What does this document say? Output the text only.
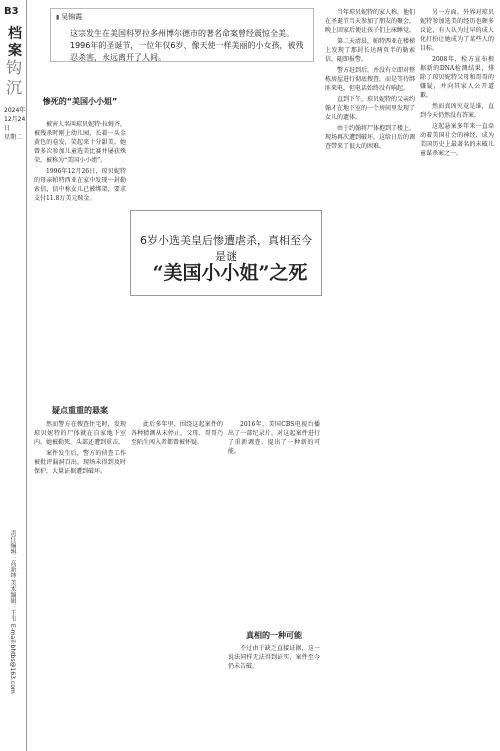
B3
档案
钩沉
2024年
12月24日
星期二
责任编辑：高新坤 美术编辑：王韦 E-mail:bhtbs@163.com
▮ 吴锦霞
这宗发生在美国科罗拉多州博尔德市的著名命案曾经震惊全美。1996年的圣诞节，一位年仅6岁、像天使一样美丽的小女孩，被残忍杀害，永远离开了人间。
惨死的“美国小小姐”

被害人名叫琼贝妮特·拉姆齐，被残杀时刚上幼儿园，长着一头金黄色的卷发，笑起来十分甜美。她曾多次参加儿童选美比赛并屡获殊荣，被称为“美国小小姐”。

1996年12月26日，琼贝妮特的母亲帕特西亚在家中发现一封勒索信，信中称女儿已被绑架，要求支付11.8万美元赎金。

6岁小选美皇后惨遭虐杀，真相至今是谜
“美国小小姐”之死
疑点重重的悬案

然而警方在搜查住宅时，发现琼贝妮特的尸体就在自家地下室内，她被勒死，头部还遭到重击。

案件发生后，警方的侦查工作被批评漏洞百出，现场未得到及时保护，大量证据遭到破坏。

此后多年里，围绕这起案件的各种猜测从未停止，父母、哥哥乃至陌生闯入者都曾被怀疑。

2016年，美国CBS电视台播出了一部纪录片，对这起案件进行了重新调查，提出了一种新的可能。

真相的一种可能

不过由于缺乏直接证据，这一说法同样无法得到证实，案件至今仍未告破。

当年琼贝妮特的家人称，他们在圣诞节当天参加了朋友的聚会，晚上回家后便让孩子们上床睡觉。

第二天清晨，帕特西亚在楼梯上发现了那封长达两页半的勒索信，随即报警。

警方赶到后，并没有立即对整栋房屋进行彻底搜查，而是等待绑匪来电，但电话始终没有响起。

直到下午，琼贝妮特的父亲约翰才在地下室的一个房间里发现了女儿的遗体。

由于约翰将尸体抱到了楼上，现场再次遭到破坏，这给日后的调查带来了很大的困难。

另一方面，外界对琼贝妮特参加选美的经历也颇多议论，有人认为过早的成人化打扮让她成为了某些人的目标。

2008年，检方宣布根据新的DNA检测结果，排除了琼贝妮特父母和哥哥的嫌疑，并向其家人公开道歉。

然而真凶究竟是谁，直到今天仍然没有答案。

这起悬案多年来一直牵动着美国社会的神经，成为美国历史上最著名的未破儿童谋杀案之一。
